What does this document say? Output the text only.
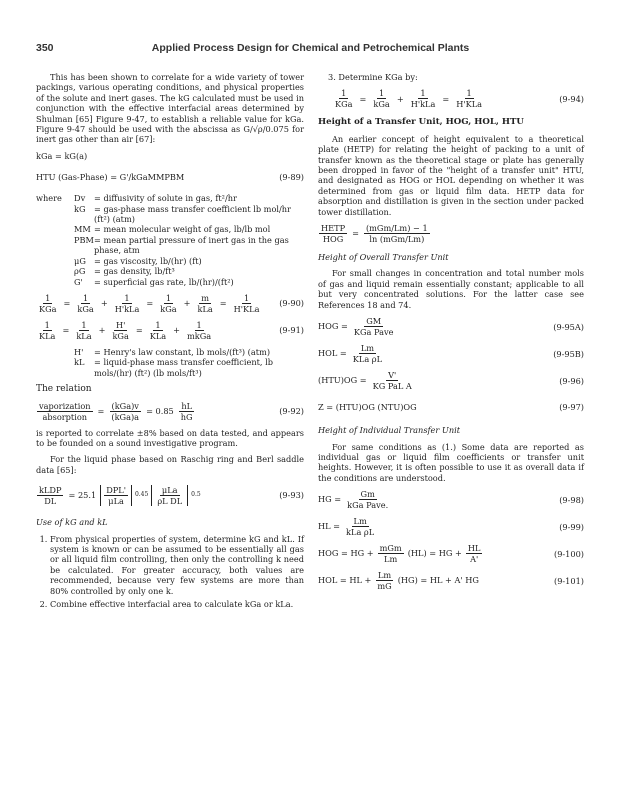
350	Applied Process Design for Chemical and Petrochemical Plants

This has been shown to correlate for a wide variety of tower packings, various operating conditions, and physical properties of the solute and inert gases. The kG calculated must be used in conjunction with the effective interfacial areas determined by Shulman [65] Figure 9-47, to establish a reliable value for kGa. Figure 9-47 should be used with the abscissa as G/√ρ/0.075 for inert gas other than air [67]:

kGa = kG(a)

HTU (Gas-Phase) = G'/kGaMMPBM	(9-89)
where	Dv	= diffusivity of solute in gas, ft²/hr
kG	= gas-phase mass transfer coefficient lb mol/hr (ft²) (atm)
MM = mean molecular weight of gas, lb/lb mol
PBM = mean partial pressure of inert gas in the gas phase, atm
μG = gas viscosity, lb/(hr) (ft)
ρG	= gas density, lb/ft³
G'	= superficial gas rate, lb/(hr)/(ft²)
$\frac{1}{\text{KGa}} = \frac{1}{\text{kGa}} + \frac{1}{\text{H'kLa}} = \frac{1}{\text{kGa}} + \frac{m}{\text{kLa}} = \frac{1}{\text{H'KLa}} (9-90)$
$\frac{1}{\text{KLa}} = \frac{1}{\text{kLa}} + \frac{H'}{\text{kGa}} = \frac{1}{\text{KLa}} + \frac{1}{\text{mkGa}}$	(9-91)
H'	= Henry's law constant, lb mols/(ft³) (atm)
kL	= liquid-phase mass transfer coefficient, lb mols/(hr) (ft²) (lb mols/ft³)

The relation

$\frac{\text{vaporization}}{\text{absorption}} = \frac{\text{(kGa)v}}{\text{(kGa)a}} = 0.85 \frac{hL}{hG}$	(9-92)

is reported to correlate ±8% based on data tested, and appears to be founded on a sound investigative program.

For the liquid phase based on Raschig ring and Berl saddle data [65]:

$\frac{\text{kLDP}}{DL} = 25.1 \frac{\text{DPL'}}{\text{μLa}} 0.45 \frac{\text{μLa}}{\text{ρL DL}} 0.5$	(9-93)
Use of kG and kL
1. From physical properties of system, determine kG and kL. If system is known or can be assumed to be essentially all gas or all liquid film controlling, then only the controlling k need be calculated. For greater accuracy, both values are recommended, because very few systems are more than 80% controlled by only one k.
2. Combine effective interfacial area to calculate kGa or kLa.

3. Determine KGa by:

$\frac{1}{\text{KGa}} = \frac{1}{\text{kGa}} + \frac{1}{\text{H'kLa}} = \frac{1}{\text{H'KLa}}$	(9-94)
Height of a Transfer Unit, HOG, HOL, HTU

An earlier concept of height equivalent to a theoretical plate (HETP) for relating the height of packing to a unit of transfer known as the theoretical stage or plate has generally been dropped in favor of the "height of a transfer unit" HTU, and designated as HOG or HOL depending on whether it was determined from gas or liquid film data. HETP data for absorption and distillation is given in the section under packed tower distillation.

$\frac{\text{HETP}}{\text{HOG}} = \frac{\text{(mGm/Lm) − 1}}{\text{ln (mGm/Lm)}}$
Height of Overall Transfer Unit

For small changes in concentration and total number mols of gas and liquid remain essentially constant; applicable to all but very concentrated solutions. For the latter case see References 18 and 74.

HOG = $\frac{GM}{\text{KGa Pave}}$	(9-95A)
HOL = $\frac{Lm}{\text{KLa ρL}}$	(9-95B)
$(HTU)OG = \frac{V'}{\text{KG PaL A}}$	(9-96)
Z = (HTU)OG (NTU)OG	(9-97)
Height of Individual Transfer Unit

For same conditions as (1.) Some data are reported as individual gas or liquid film coefficients or transfer unit heights. However, it is often possible to use it as overall data if the conditions are understood.

HG = $\frac{Gm}{\text{kGa Pave.}}$	(9-98)
HL = $\frac{Lm}{\text{kLa ρL}}$	(9-99)
HOG = HG + $\frac{\text{mGm}}{Lm} (HL)$ = HG + $\frac{HL}{A'}$	(9-100)
HOL = HL + $\frac{Lm}{mG} (HG)$ = HL + A' HG	(9-101)
